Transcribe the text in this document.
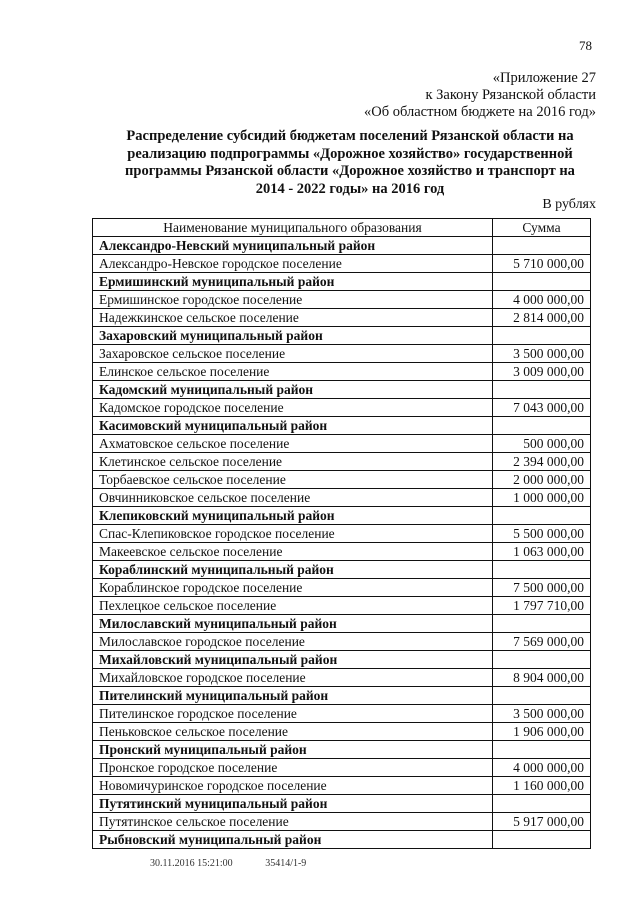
78
«Приложение 27
к Закону Рязанской области
«Об областном бюджете на 2016 год»
Распределение субсидий бюджетам поселений Рязанской области на
реализацию подпрограммы «Дорожное хозяйство» государственной
программы Рязанской области «Дорожное хозяйство и транспорт на
2014 - 2022 годы» на 2016 год
В рублях
Наименование муниципального образования	Сумма
Александро-Невский муниципальный район	
Александро-Невское городское поселение	5 710 000,00
Ермишинский муниципальный район	
Ермишинское городское поселение	4 000 000,00
Надежкинское сельское поселение	2 814 000,00
Захаровский муниципальный район	
Захаровское сельское поселение	3 500 000,00
Елинское сельское поселение	3 009 000,00
Кадомский муниципальный район	
Кадомское городское поселение	7 043 000,00
Касимовский муниципальный район	
Ахматовское сельское поселение	500 000,00
Клетинское сельское поселение	2 394 000,00
Торбаевское сельское поселение	2 000 000,00
Овчинниковское сельское поселение	1 000 000,00
Клепиковский муниципальный район	
Спас-Клепиковское городское поселение	5 500 000,00
Макеевское сельское поселение	1 063 000,00
Кораблинский муниципальный район	
Кораблинское городское поселение	7 500 000,00
Пехлецкое сельское поселение	1 797 710,00
Милославский муниципальный район	
Милославское городское поселение	7 569 000,00
Михайловский муниципальный район	
Михайловское городское поселение	8 904 000,00
Пителинский муниципальный район	
Пителинское городское поселение	3 500 000,00
Пеньковское сельское поселение	1 906 000,00
Пронский муниципальный район	
Пронское городское поселение	4 000 000,00
Новомичуринское городское поселение	1 160 000,00
Путятинский муниципальный район	
Путятинское сельское поселение	5 917 000,00
Рыбновский муниципальный район	
30.11.2016 15:21:00	35414/1-9
